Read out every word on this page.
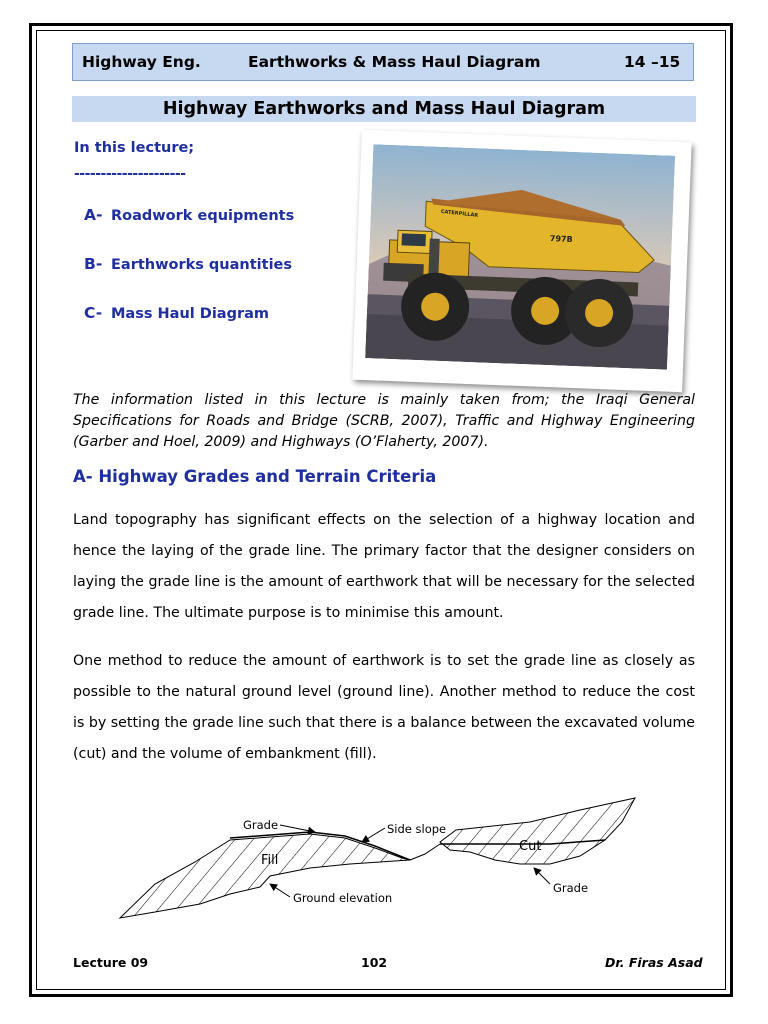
Highway Eng.	Earthworks & Mass Haul Diagram	14 –15
Highway Earthworks and Mass Haul Diagram
In this lecture;
---------------------
A- Roadwork equipments
B- Earthworks quantities
C- Mass Haul Diagram
797B
CATERPILLAR
The information listed in this lecture is mainly taken from; the Iraqi General Specifications for Roads and Bridge (SCRB, 2007), Traffic and Highway Engineering (Garber and Hoel, 2009) and Highways (O’Flaherty, 2007).
A- Highway Grades and Terrain Criteria
Land topography has significant effects on the selection of a highway location and hence the laying of the grade line. The primary factor that the designer considers on laying the grade line is the amount of earthwork that will be necessary for the selected grade line. The ultimate purpose is to minimise this amount.
One method to reduce the amount of earthwork is to set the grade line as closely as possible to the natural ground level (ground line). Another method to reduce the cost is by setting the grade line such that there is a balance between the excavated volume (cut) and the volume of embankment (fill).
Grade	Side slope
Fill
Cut
Ground elevation
Grade
Lecture 09	102	Dr. Firas Asad
